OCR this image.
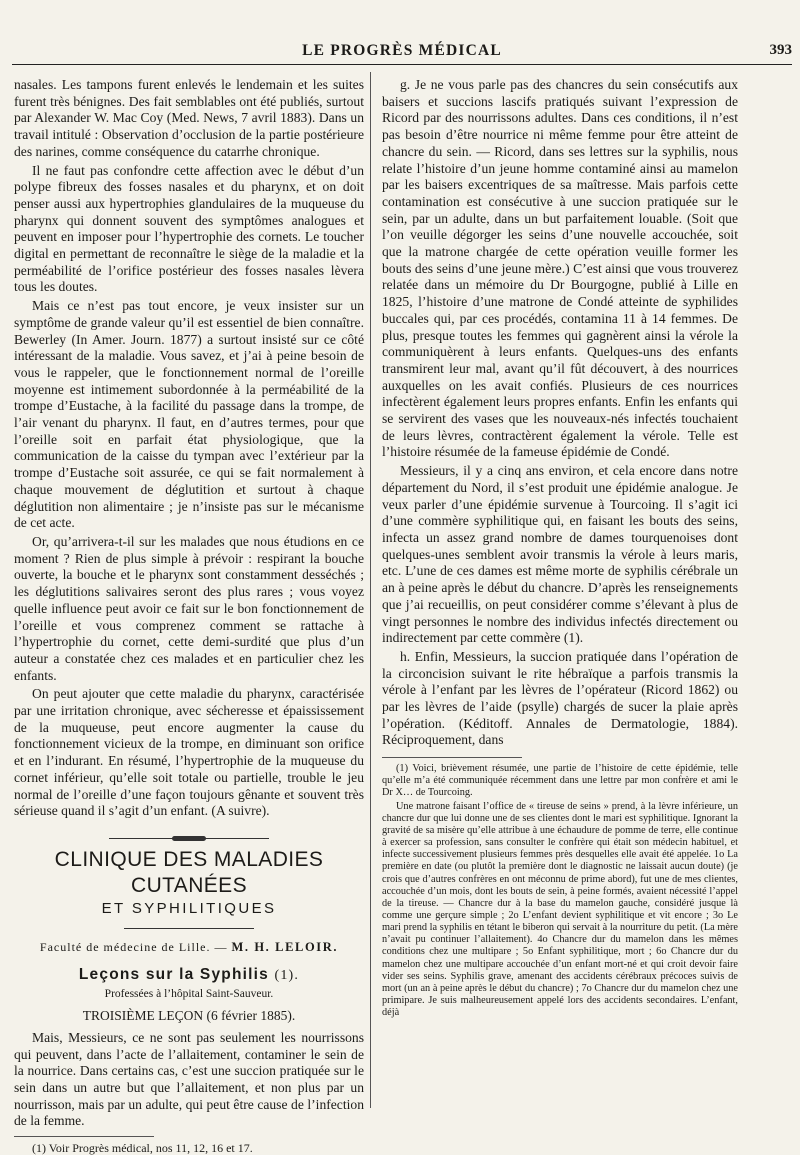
LE PROGRÈS MÉDICAL	393

nasales. Les tampons furent enlevés le lendemain et les suites furent très bénignes. Des fait semblables ont été publiés, surtout par Alexander W. Mac Coy (Med. News, 7 avril 1883). Dans un travail intitulé : Observation d’occlusion de la partie postérieure des narines, comme conséquence du catarrhe chronique.

Il ne faut pas confondre cette affection avec le début d’un polype fibreux des fosses nasales et du pharynx, et on doit penser aussi aux hypertrophies glandulaires de la muqueuse du pharynx qui donnent souvent des symptômes analogues et peuvent en imposer pour l’hypertrophie des cornets. Le toucher digital en permettant de reconnaître le siège de la maladie et la perméabilité de l’orifice postérieur des fosses nasales lèvera tous les doutes.

Mais ce n’est pas tout encore, je veux insister sur un symptôme de grande valeur qu’il est essentiel de bien connaître. Bewerley (In Amer. Journ. 1877) a surtout insisté sur ce côté intéressant de la maladie. Vous savez, et j’ai à peine besoin de vous le rappeler, que le fonctionnement normal de l’oreille moyenne est intimement subordonnée à la perméabilité de la trompe d’Eustache, à la facilité du passage dans la trompe, de l’air venant du pharynx. Il faut, en d’autres termes, pour que l’oreille soit en parfait état physiologique, que la communication de la caisse du tympan avec l’extérieur par la trompe d’Eustache soit assurée, ce qui se fait normalement à chaque mouvement de déglutition et surtout à chaque déglutition non alimentaire ; je n’insiste pas sur le mécanisme de cet acte.

Or, qu’arrivera-t-il sur les malades que nous étudions en ce moment ? Rien de plus simple à prévoir : respirant la bouche ouverte, la bouche et le pharynx sont constamment desséchés ; les déglutitions salivaires seront des plus rares ; vous voyez quelle influence peut avoir ce fait sur le bon fonctionnement de l’oreille et vous comprenez comment se rattache à l’hypertrophie du cornet, cette demi-surdité que plus d’un auteur a constatée chez ces malades et en particulier chez les enfants.

On peut ajouter que cette maladie du pharynx, caractérisée par une irritation chronique, avec sécheresse et épaississement de la muqueuse, peut encore augmenter la cause du fonctionnement vicieux de la trompe, en diminuant son orifice et en l’indurant. En résumé, l’hypertrophie de la muqueuse du cornet inférieur, qu’elle soit totale ou partielle, trouble le jeu normal de l’oreille d’une façon toujours gênante et souvent très sérieuse quand il s’agit d’un enfant. (A suivre).

CLINIQUE DES MALADIES CUTANÉES
ET SYPHILITIQUES
Faculté de médecine de Lille. — M. H. LELOIR.
Leçons sur la Syphilis (1).
Professées à l’hôpital Saint-Sauveur.
TROISIÈME LEÇON (6 février 1885).

Mais, Messieurs, ce ne sont pas seulement les nourrissons qui peuvent, dans l’acte de l’allaitement, contaminer le sein de la nourrice. Dans certains cas, c’est une succion pratiquée sur le sein dans un autre but que l’allaitement, et non plus par un nourrisson, mais par un adulte, qui peut être cause de l’infection de la femme.

(1) Voir Progrès médical, nos 11, 12, 16 et 17.

g. Je ne vous parle pas des chancres du sein consécutifs aux baisers et succions lascifs pratiqués suivant l’expression de Ricord par des nourrissons adultes. Dans ces conditions, il n’est pas besoin d’être nourrice ni même femme pour être atteint de chancre du sein. — Ricord, dans ses lettres sur la syphilis, nous relate l’histoire d’un jeune homme contaminé ainsi au mamelon par les baisers excentriques de sa maîtresse. Mais parfois cette contamination est consécutive à une succion pratiquée sur le sein, par un adulte, dans un but parfaitement louable. (Soit que l’on veuille dégorger les seins d’une nouvelle accouchée, soit que la matrone chargée de cette opération veuille former les bouts des seins d’une jeune mère.) C’est ainsi que vous trouverez relatée dans un mémoire du Dr Bourgogne, publié à Lille en 1825, l’histoire d’une matrone de Condé atteinte de syphilides buccales qui, par ces procédés, contamina 11 à 14 femmes. De plus, presque toutes les femmes qui gagnèrent ainsi la vérole la communiquèrent à leurs enfants. Quelques-uns des enfants transmirent leur mal, avant qu’il fût découvert, à des nourrices auxquelles on les avait confiés. Plusieurs de ces nourrices infectèrent également leurs propres enfants. Enfin les enfants qui se servirent des vases que les nouveaux-nés infectés touchaient de leurs lèvres, contractèrent également la vérole. Telle est l’histoire résumée de la fameuse épidémie de Condé.

Messieurs, il y a cinq ans environ, et cela encore dans notre département du Nord, il s’est produit une épidémie analogue. Je veux parler d’une épidémie survenue à Tourcoing. Il s’agit ici d’une commère syphilitique qui, en faisant les bouts des seins, infecta un assez grand nombre de dames tourquenoises dont quelques-unes semblent avoir transmis la vérole à leurs maris, etc. L’une de ces dames est même morte de syphilis cérébrale un an à peine après le début du chancre. D’après les renseignements que j’ai recueillis, on peut considérer comme s’élevant à plus de vingt personnes le nombre des individus infectés directement ou indirectement par cette commère (1).

h. Enfin, Messieurs, la succion pratiquée dans l’opération de la circoncision suivant le rite hébraïque a parfois transmis la vérole à l’enfant par les lèvres de l’opérateur (Ricord 1862) ou par les lèvres de l’aide (psylle) chargés de sucer la plaie après l’opération. (Kéditoff. Annales de Dermatologie, 1884). Réciproquement, dans

(1) Voici, brièvement résumée, une partie de l’histoire de cette épidémie, telle qu’elle m’a été communiquée récemment dans une lettre par mon confrère et ami le Dr X… de Tourcoing.

Une matrone faisant l’office de « tireuse de seins » prend, à la lèvre inférieure, un chancre dur que lui donne une de ses clientes dont le mari est syphilitique. Ignorant la gravité de sa misère qu’elle attribue à une échaudure de pomme de terre, elle continue à exercer sa profession, sans consulter le confrère qui était son médecin habituel, et infecte successivement plusieurs femmes près desquelles elle avait été appelée. 1o La première en date (ou plutôt la première dont le diagnostic ne laissait aucun doute) (je crois que d’autres confrères en ont méconnu de prime abord), fut une de mes clientes, accouchée d’un mois, dont les bouts de sein, à peine formés, avaient nécessité l’appel de la tireuse. — Chancre dur à la base du mamelon gauche, considéré jusque là comme une gerçure simple ; 2o L’enfant devient syphilitique et vit encore ; 3o Le mari prend la syphilis en tétant le biberon qui servait à la nourriture du petit. (La mère n’avait pu continuer l’allaitement). 4o Chancre dur du mamelon dans les mêmes conditions chez une multipare ; 5o Enfant syphilitique, mort ; 6o Chancre dur du mamelon chez une multipare accouchée d’un enfant mort-né et qui croit devoir faire vider ses seins. Syphilis grave, amenant des accidents cérébraux précoces suivis de mort (un an à peine après le début du chancre) ; 7o Chancre dur du mamelon chez une primipare. Je suis malheureusement appelé lors des accidents secondaires. L’enfant, déjà
